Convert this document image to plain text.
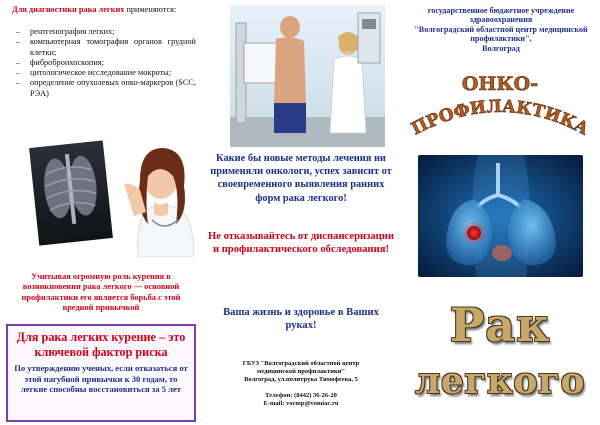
Для диагностики рака легких применяются:

– рентгенография легких;
– компьютерная томография органов грудной клетки;
– фибробронхоскопия;
– цитологическое исследование мокроты;
– определение опухолевых онко-маркеров (SCC, РЭА)

Учитывая огромную роль курения в возникновении рака легкого — основной профилактики его является борьба с этой вредной привычкой

Для рака легких курение – это ключевой фактор риска

По утверждению ученых, если отказаться от этой пагубной привычки к 30 годам, то легкие способны восстановиться за 5 лет

Какие бы новые методы лечения ни применяли онкологи, успех зависит от своевременного выявления ранних форм рака легкого!

Не отказывайтесь от диспансеризации и профилактического обследования!

Ваша жизнь и здоровье в Ваших руках!

ГБУЗ "Волгоградский областной центр
медицинской профилактики"
Волгоград, ул.политрука Тимофеева, 5
Телефон: (8442) 36-26-20
E-mail: vocmp@vomiac.ru
государственное бюджетное учреждение здравоохранения
"Волгоградский областной центр медицинской профилактики",
Волгоград
ОНКО-
ПРОФИЛАКТИКА
Рак
легкого
